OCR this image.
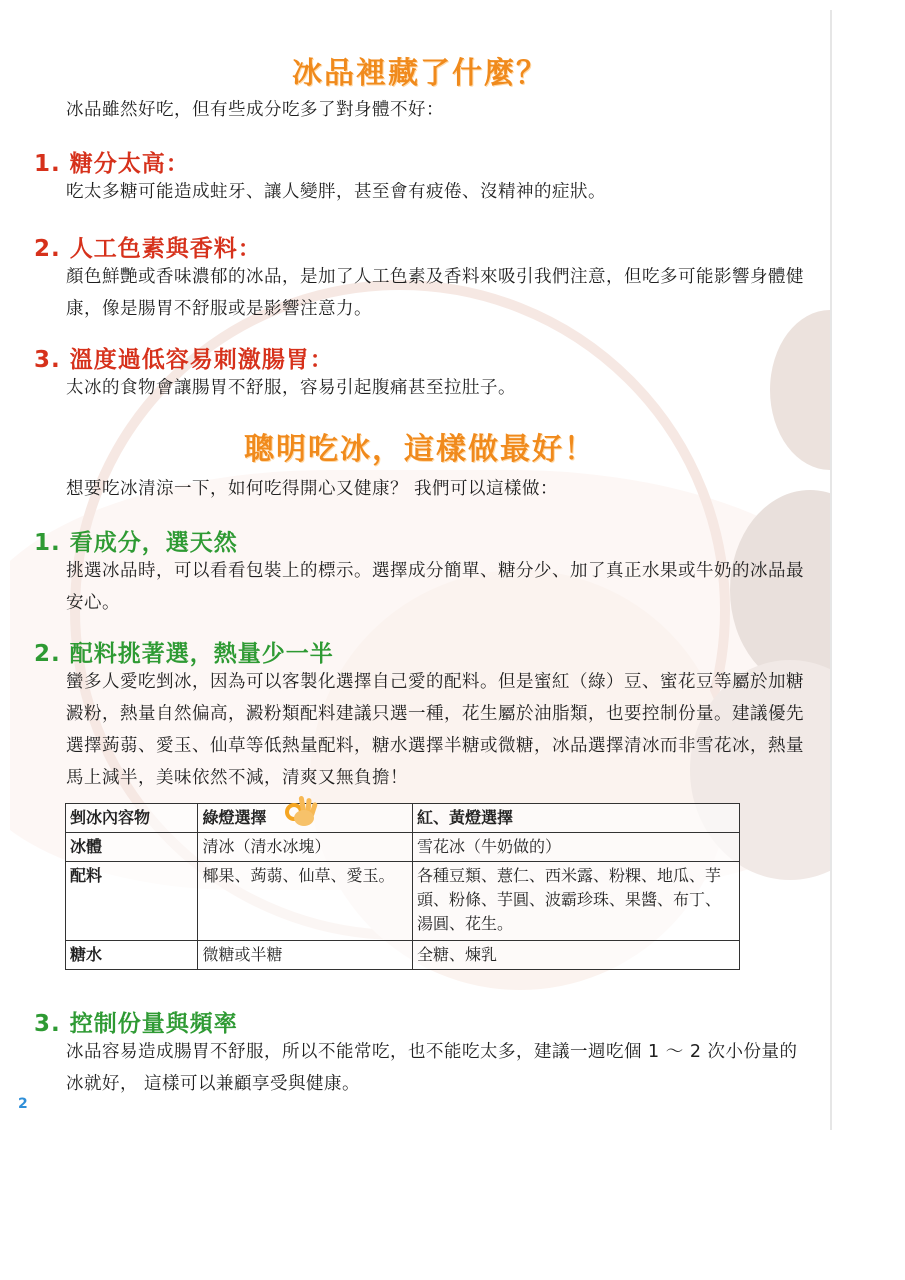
冰品裡藏了什麼？
冰品雖然好吃，但有些成分吃多了對身體不好：
1. 糖分太高：
吃太多糖可能造成蛀牙、讓人變胖，甚至會有疲倦、沒精神的症狀。
2. 人工色素與香料：
顏色鮮艷或香味濃郁的冰品，是加了人工色素及香料來吸引我們注意，但吃多可能影響身體健康，像是腸胃不舒服或是影響注意力。
3. 溫度過低容易刺激腸胃：
太冰的食物會讓腸胃不舒服，容易引起腹痛甚至拉肚子。
聰明吃冰，這樣做最好！
想要吃冰清涼一下，如何吃得開心又健康？ 我們可以這樣做：
1. 看成分，選天然
挑選冰品時，可以看看包裝上的標示。選擇成分簡單、糖分少、加了真正水果或牛奶的冰品最安心。
2. 配料挑著選，熱量少一半
蠻多人愛吃剉冰，因為可以客製化選擇自己愛的配料。但是蜜紅（綠）豆、蜜花豆等屬於加糖澱粉，熱量自然偏高，澱粉類配料建議只選一種，花生屬於油脂類，也要控制份量。建議優先選擇蒟蒻、愛玉、仙草等低熱量配料，糖水選擇半糖或微糖，冰品選擇清冰而非雪花冰，熱量馬上減半，美味依然不減，清爽又無負擔！
剉冰內容物	綠燈選擇	紅、黃燈選擇
冰體	清冰（清水冰塊）	雪花冰（牛奶做的）
配料	椰果、蒟蒻、仙草、愛玉。	各種豆類、薏仁、西米露、粉粿、地瓜、芋頭、粉條、芋圓、波霸珍珠、果醬、布丁、湯圓、花生。
糖水	微糖或半糖	全糖、煉乳
3. 控制份量與頻率
冰品容易造成腸胃不舒服，所以不能常吃，也不能吃太多，建議一週吃個 1 ～ 2 次小份量的冰就好， 這樣可以兼顧享受與健康。
2
